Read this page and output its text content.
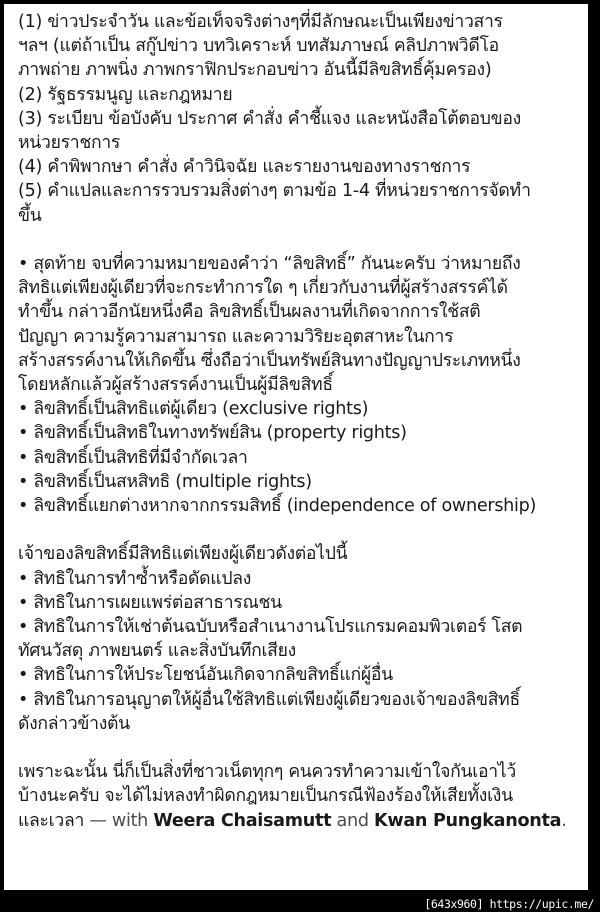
(1) ข่าวประจำวัน และข้อเท็จจริงต่างๆที่มีลักษณะเป็นเพียงข่าวสาร
ฯลฯ (แต่ถ้าเป็น สกู๊ปข่าว บทวิเคราะห์ บทสัมภาษณ์ คลิปภาพวิดีโอ
ภาพถ่าย ภาพนิ่ง ภาพกราฟิกประกอบข่าว อันนี้มีลิขสิทธิ์คุ้มครอง)
(2) รัฐธรรมนูญ และกฎหมาย
(3) ระเบียบ ข้อบังคับ ประกาศ คำสั่ง คำชี้แจง และหนังสือโต้ตอบของ
หน่วยราชการ
(4) คำพิพากษา คำสั่ง คำวินิจฉัย และรายงานของทางราชการ
(5) คำแปลและการรวบรวมสิ่งต่างๆ ตามข้อ 1-4 ที่หน่วยราชการจัดทำ
ขึ้น
• สุดท้าย จบที่ความหมายของคำว่า “ลิขสิทธิ์” กันนะครับ ว่าหมายถึง
สิทธิแต่เพียงผู้เดียวที่จะกระทำการใด ๆ เกี่ยวกับงานที่ผู้สร้างสรรค์ได้
ทำขึ้น กล่าวอีกนัยหนึ่งคือ ลิขสิทธิ์เป็นผลงานที่เกิดจากการใช้สติ
ปัญญา ความรู้ความสามารถ และความวิริยะอุตสาหะในการ
สร้างสรรค์งานให้เกิดขึ้น ซึ่งถือว่าเป็นทรัพย์สินทางปัญญาประเภทหนึ่ง
โดยหลักแล้วผู้สร้างสรรค์งานเป็นผู้มีลิขสิทธิ์
• ลิขสิทธิ์เป็นสิทธิแต่ผู้เดียว (exclusive rights)
• ลิขสิทธิ์เป็นสิทธิในทางทรัพย์สิน (property rights)
• ลิขสิทธิ์เป็นสิทธิที่มีจำกัดเวลา
• ลิขสิทธิ์เป็นสหสิทธิ (multiple rights)
• ลิขสิทธิ์แยกต่างหากจากกรรมสิทธิ์ (independence of ownership)
เจ้าของลิขสิทธิ์มีสิทธิแต่เพียงผู้เดียวดังต่อไปนี้
• สิทธิในการทำซ้ำหรือดัดแปลง
• สิทธิในการเผยแพร่ต่อสาธารณชน
• สิทธิในการให้เช่าต้นฉบับหรือสำเนางานโปรแกรมคอมพิวเตอร์ โสต
ทัศนวัสดุ ภาพยนตร์ และสิ่งบันทึกเสียง
• สิทธิในการให้ประโยชน์อันเกิดจากลิขสิทธิ์แก่ผู้อื่น
• สิทธิในการอนุญาตให้ผู้อื่นใช้สิทธิแต่เพียงผู้เดียวของเจ้าของลิขสิทธิ์
ดังกล่าวข้างต้น
เพราะฉะนั้น นี่ก็เป็นสิ่งที่ชาวเน็ตทุกๆ คนควรทำความเข้าใจกันเอาไว้
บ้างนะครับ จะได้ไม่หลงทำผิดกฎหมายเป็นกรณีฟ้องร้องให้เสียทั้งเงิน
และเวลา — with Weera Chaisamutt and Kwan Pungkanonta.
[643x960] https://upic.me/
